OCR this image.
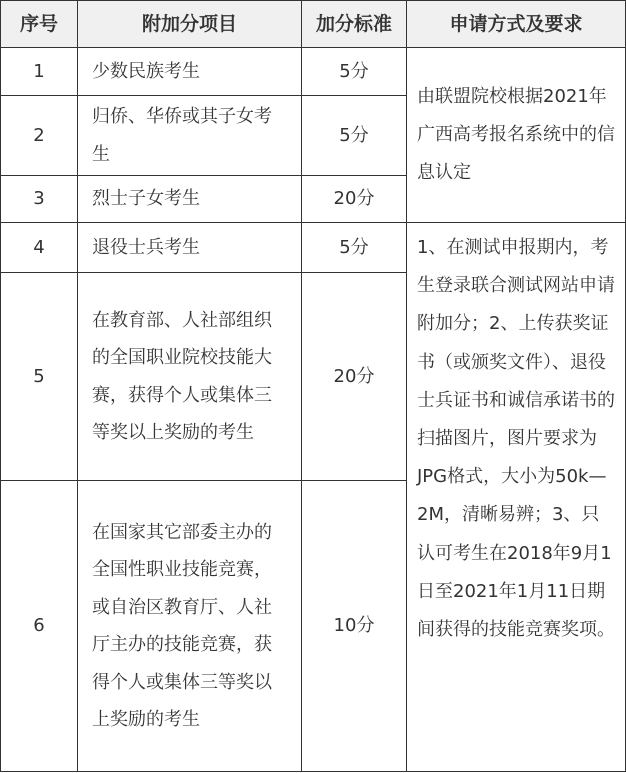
序号	附加分项目	加分标准	申请方式及要求
1	少数民族考生	5分	由联盟院校根据2021年广西高考报名系统中的信息认定
2	归侨、华侨或其子女考生	5分	
3	烈士子女考生	20分	
4	退役士兵考生	5分	1、在测试申报期内，考生登录联合测试网站申请附加分；2、上传获奖证书（或颁奖文件）、退役士兵证书和诚信承诺书的扫描图片，图片要求为JPG格式，大小为50k—2M，清晰易辨；3、只认可考生在2018年9月1日至2021年1月11日期间获得的技能竞赛奖项。
5	在教育部、人社部组织的全国职业院校技能大赛，获得个人或集体三等奖以上奖励的考生	20分	
6	在国家其它部委主办的全国性职业技能竞赛，或自治区教育厅、人社厅主办的技能竞赛，获得个人或集体三等奖以上奖励的考生	10分	
